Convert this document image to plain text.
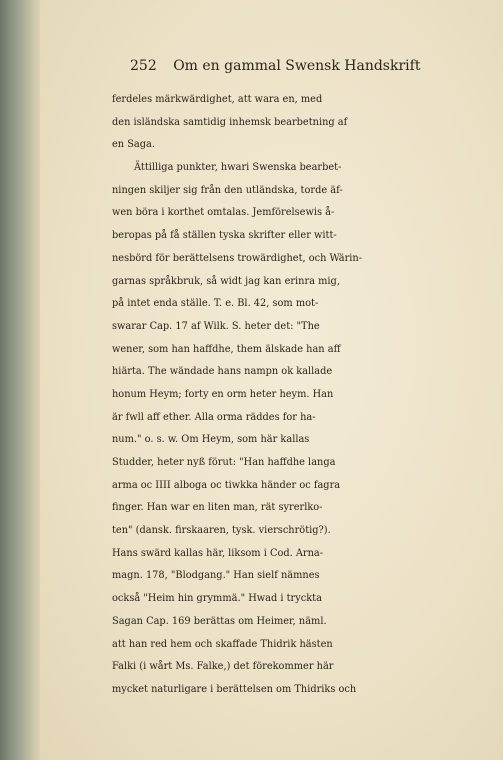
252 Om en gammal Swensk Handskrift
ferdeles märkwärdighet, att wara en, med
den isländska samtidig inhemsk bearbetning af
en Saga.
Ättilliga punkter, hwari Swenska bearbet-
ningen skiljer sig från den utländska, torde äf-
wen böra i korthet omtalas. Jemförelsewis å-
beropas på få ställen tyska skrifter eller witt-
nesbörd för berättelsens trowärdighet, och Wärin-
garnas språkbruk, så widt jag kan erinra mig,
på intet enda ställe. T. e. Bl. 42, som mot-
swarar Cap. 17 af Wilk. S. heter det: "The
wener, som han haffdhe, them älskade han aff
hiärta. The wändade hans nampn ok kallade
honum Heym; forty en orm heter heym. Han
är fwll aff ether. Alla orma räddes for ha-
num." o. s. w. Om Heym, som här kallas
Studder, heter nyß förut: "Han haffdhe langa
arma oc IIII alboga oc tiwkka händer oc fagra
finger. Han war en liten man, rät syrerlko-
ten" (dansk. firskaaren, tysk. vierschrötig?).
Hans swärd kallas här, liksom i Cod. Arna-
magn. 178, "Blodgang." Han sielf nämnes
också "Heim hin grymmä." Hwad i tryckta
Sagan Cap. 169 berättas om Heimer, näml.
att han red hem och skaffade Thidrik hästen
Falki (i wårt Ms. Falke,) det förekommer här
mycket naturligare i berättelsen om Thidriks och
